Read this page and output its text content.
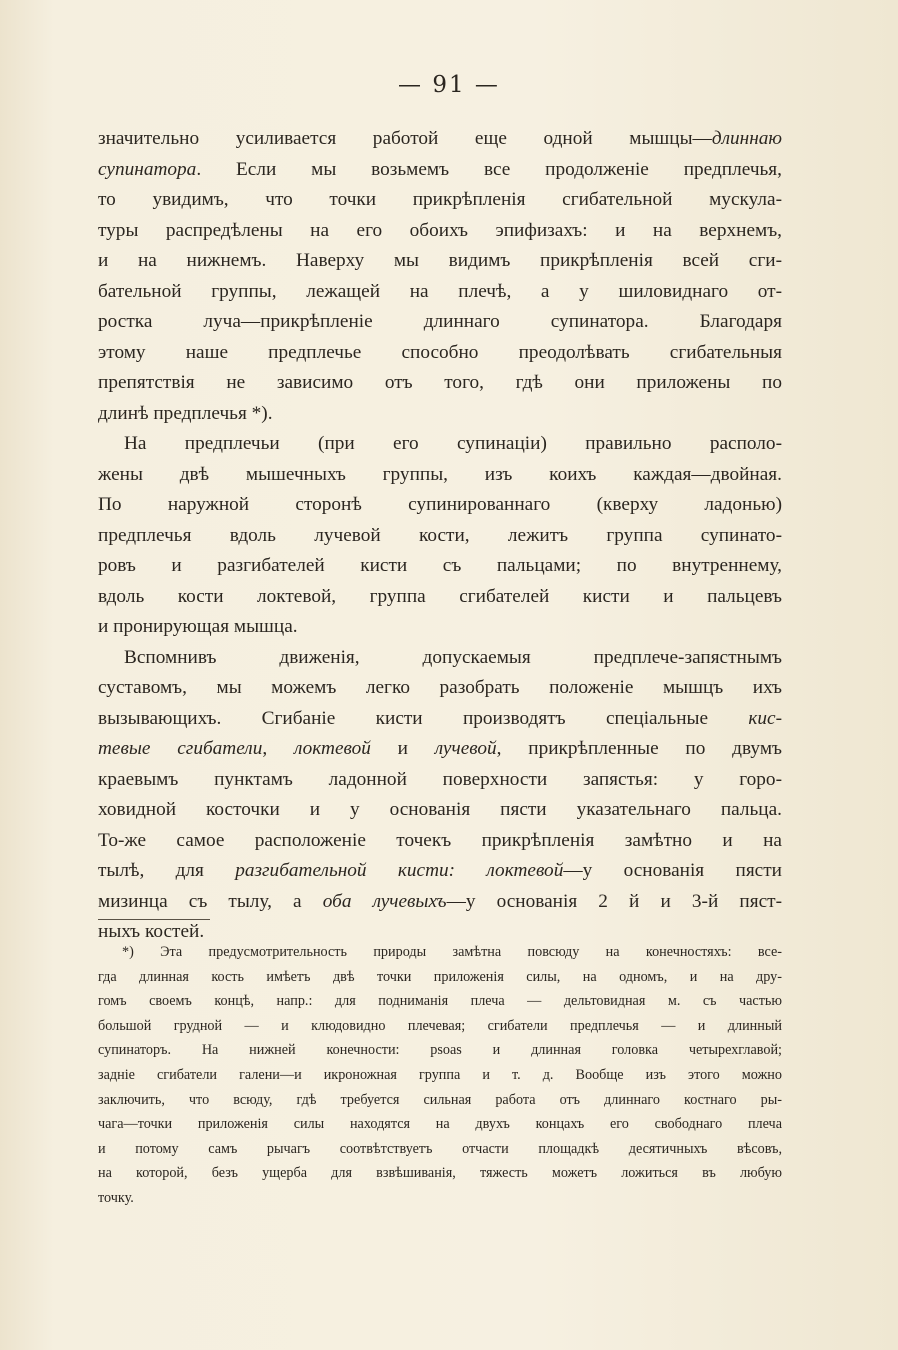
— 91 —
значительно усиливается работой еще одной мышцы—длиннаю
супинатора. Если мы возьмемъ все продолженіе предплечья,
то увидимъ, что точки прикрѣпленія сгибательной мускула-
туры распредѣлены на его обоихъ эпифизахъ: и на верхнемъ,
и на нижнемъ. Наверху мы видимъ прикрѣпленія всей сги-
бательной группы, лежащей на плечѣ, а у шиловиднаго от-
ростка луча—прикрѣпленіе длиннаго супинатора. Благодаря
этому наше предплечье способно преодолѣвать сгибательныя
препятствія не зависимо отъ того, гдѣ они приложены по
длинѣ предплечья *).
На предплечьи (при его супинаціи) правильно располо-
жены двѣ мышечныхъ группы, изъ коихъ каждая—двойная.
По наружной сторонѣ супинированнаго (кверху ладонью)
предплечья вдоль лучевой кости, лежитъ группа супинато-
ровъ и разгибателей кисти съ пальцами; по внутреннему,
вдоль кости локтевой, группа сгибателей кисти и пальцевъ
и пронирующая мышца.
Вспомнивъ движенія, допускаемыя предплече-запястнымъ
суставомъ, мы можемъ легко разобрать положеніе мышцъ ихъ
вызывающихъ. Сгибаніе кисти производятъ спеціальные кис-
тевые сгибатели, локтевой и лучевой, прикрѣпленные по двумъ
краевымъ пунктамъ ладонной поверхности запястья: у горо-
ховидной косточки и у основанія пясти указательнаго пальца.
То-же самое расположеніе точекъ прикрѣпленія замѣтно и на
тылѣ, для разгибательной кисти: локтевой—у основанія пясти
мизинца съ тылу, а оба лучевыхъ—у основанія 2 й и 3-й пяст-
ныхъ костей.
*) Эта предусмотрительность природы замѣтна повсюду на конечностяхъ: все-
гда длинная кость имѣетъ двѣ точки приложенія силы, на одномъ, и на дру-
гомъ своемъ концѣ, напр.: для подниманія плеча — дельтовидная м. съ частью
большой грудной — и клюдовидно плечевая; сгибатели предплечья — и длинный
супинаторъ. На нижней конечности: psoas и длинная головка четырехглавой;
заднiе сгибатели галени—и икроножная группа и т. д. Вообще изъ этого можно
заключить, что всюду, гдѣ требуется сильная работа отъ длиннаго костнаго ры-
чага—точки приложенія силы находятся на двухъ концахъ его свободнаго плеча
и потому самъ рычагъ соотвѣтствуетъ отчасти площадкѣ десятичныхъ вѣсовъ,
на которой, безъ ущерба для взвѣшиванія, тяжесть можетъ ложиться въ любую
точку.
